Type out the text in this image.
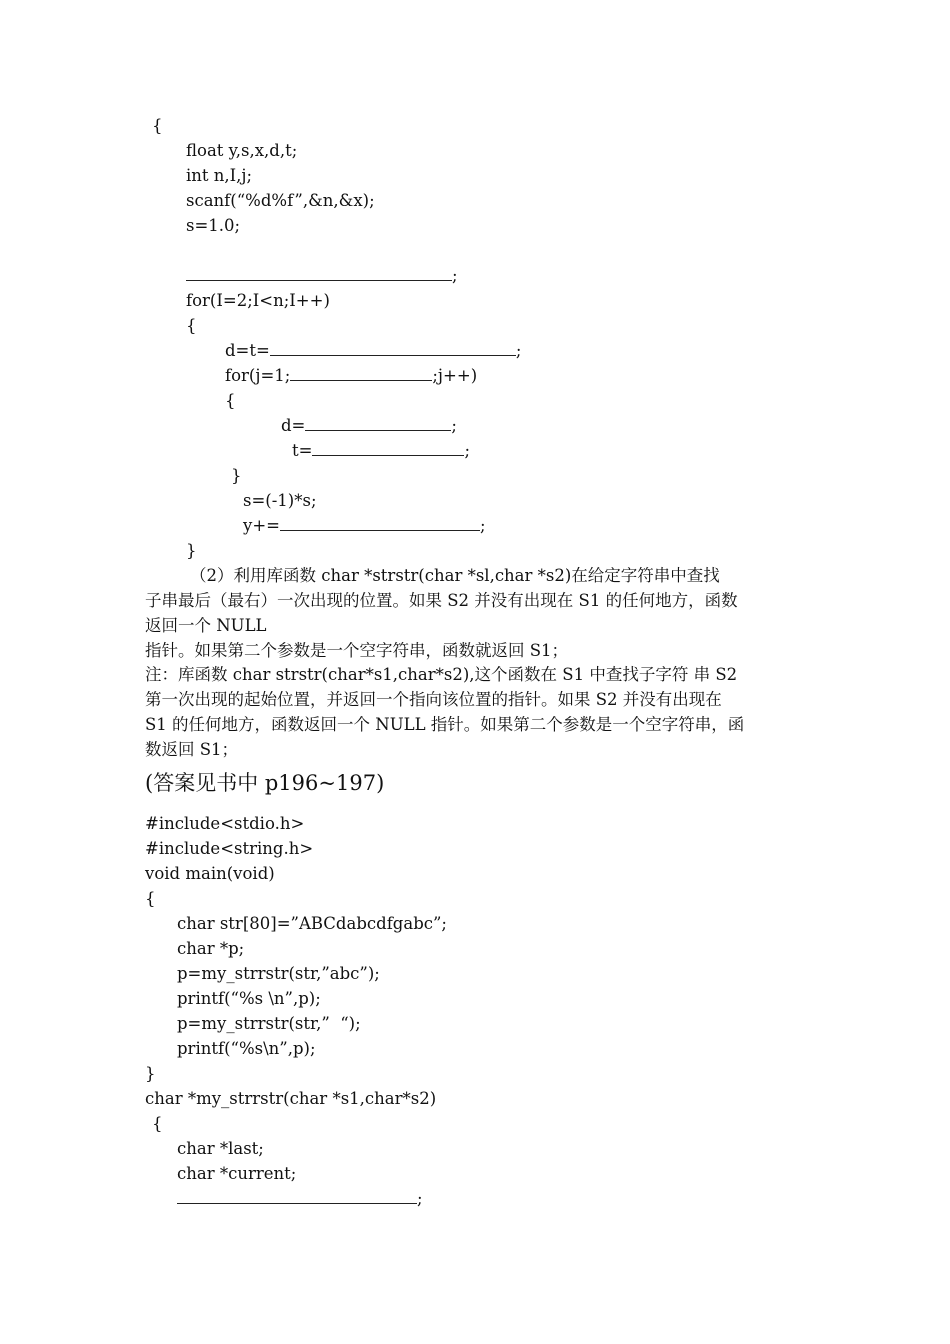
{
float y,s,x,d,t;
int n,I,j;
scanf(“%d%f”,&n,&x);
s=1.0;
;
for(I=2;I<n;I++)
{
d=t=	;
for(j=1;	;j++)
{
d=	;
t=	;
}
s=(-1)*s;
y+=	;
}
（2）利用库函数 char *strstr(char *sl,char *s2)在给定字符串中查找
子串最后（最右）一次出现的位置。如果 S2 并没有出现在 S1 的任何地方，函数
返回一个 NULL
指针。如果第二个参数是一个空字符串，函数就返回 S1；
注：库函数 char strstr(char*s1,char*s2),这个函数在 S1 中查找子字符 串 S2
第一次出现的起始位置，并返回一个指向该位置的指针。如果 S2 并没有出现在
S1 的任何地方，函数返回一个 NULL 指针。如果第二个参数是一个空字符串，函
数返回 S1；
(答案见书中 p196~197)
#include<stdio.h>
#include<string.h>
void main(void)
{
char str[80]=”ABCdabcdfgabc”;
char *p;
p=my_strrstr(str,”abc”);
printf(“%s \n”,p);
p=my_strrstr(str,”  “);
printf(“%s\n”,p);
}
char *my_strrstr(char *s1,char*s2)
{
char *last;
char *current;
;
